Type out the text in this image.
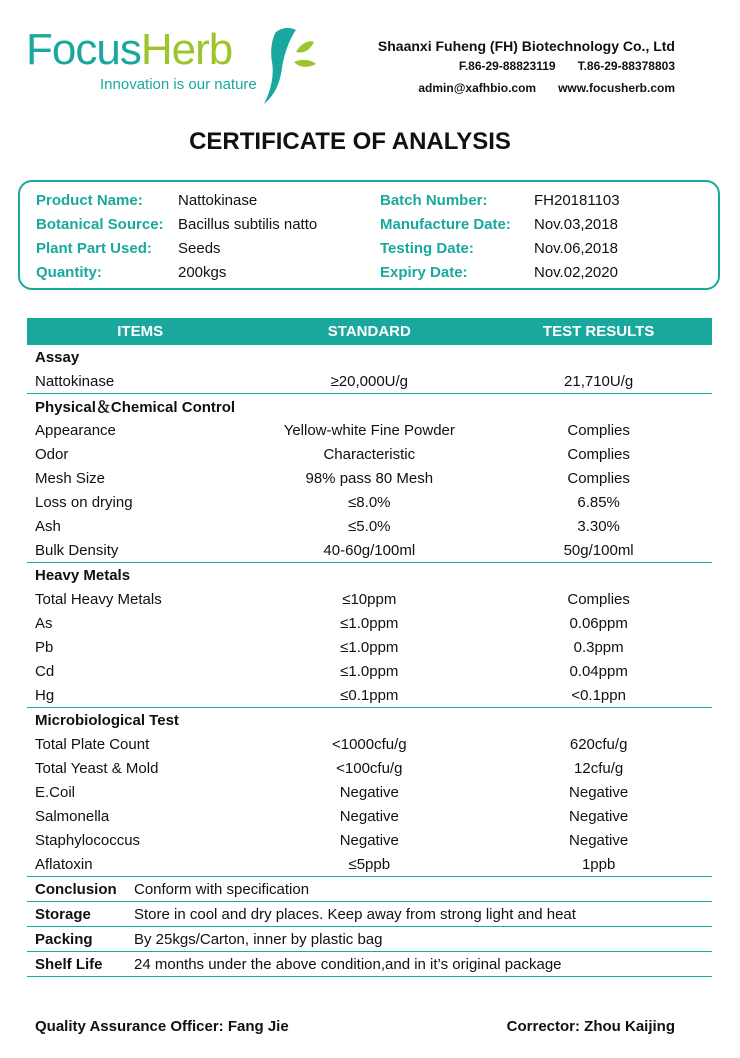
FocusHerb
Innovation is our nature
Shaanxi Fuheng (FH) Biotechnology Co., Ltd
F.86-29-88823119 T.86-29-88378803
admin@xafhbio.com www.focusherb.com
CERTIFICATE OF ANALYSIS
Product Name: Nattokinase	Batch Number:	FH20181103
Botanical Source: Bacillus subtilis natto	Manufacture Date: Nov.03,2018
Plant Part Used: Seeds	Testing Date:	Nov.06,2018
Quantity:	200kgs	Expiry Date:	Nov.02,2020
ITEMS	STANDARD	TEST RESULTS
Assay		
Nattokinase	≥20,000U/g	21,710U/g
Physical＆Chemical Control		
Appearance	Yellow-white Fine Powder	Complies
Odor	Characteristic	Complies
Mesh Size	98% pass 80 Mesh	Complies
Loss on drying	≤8.0%	6.85%
Ash	≤5.0%	3.30%
Bulk Density	40-60g/100ml	50g/100ml
Heavy Metals		
Total Heavy Metals	≤10ppm	Complies
As	≤1.0ppm	0.06ppm
Pb	≤1.0ppm	0.3ppm
Cd	≤1.0ppm	0.04ppm
Hg	≤0.1ppm	<0.1ppn
Microbiological Test		
Total Plate Count	<1000cfu/g	620cfu/g
Total Yeast & Mold	<100cfu/g	12cfu/g
E.Coil	Negative	Negative
Salmonella	Negative	Negative
Staphylococcus	Negative	Negative
Aflatoxin	≤5ppb	1ppb
Conclusion Conform with specification		
Storage Store in cool and dry places. Keep away from strong light and heat		
Packing By 25kgs/Carton, inner by plastic bag		
Shelf Life 24 months under the above condition,and in it’s original package		
Quality Assurance Officer: Fang Jie	Corrector: Zhou Kaijing
